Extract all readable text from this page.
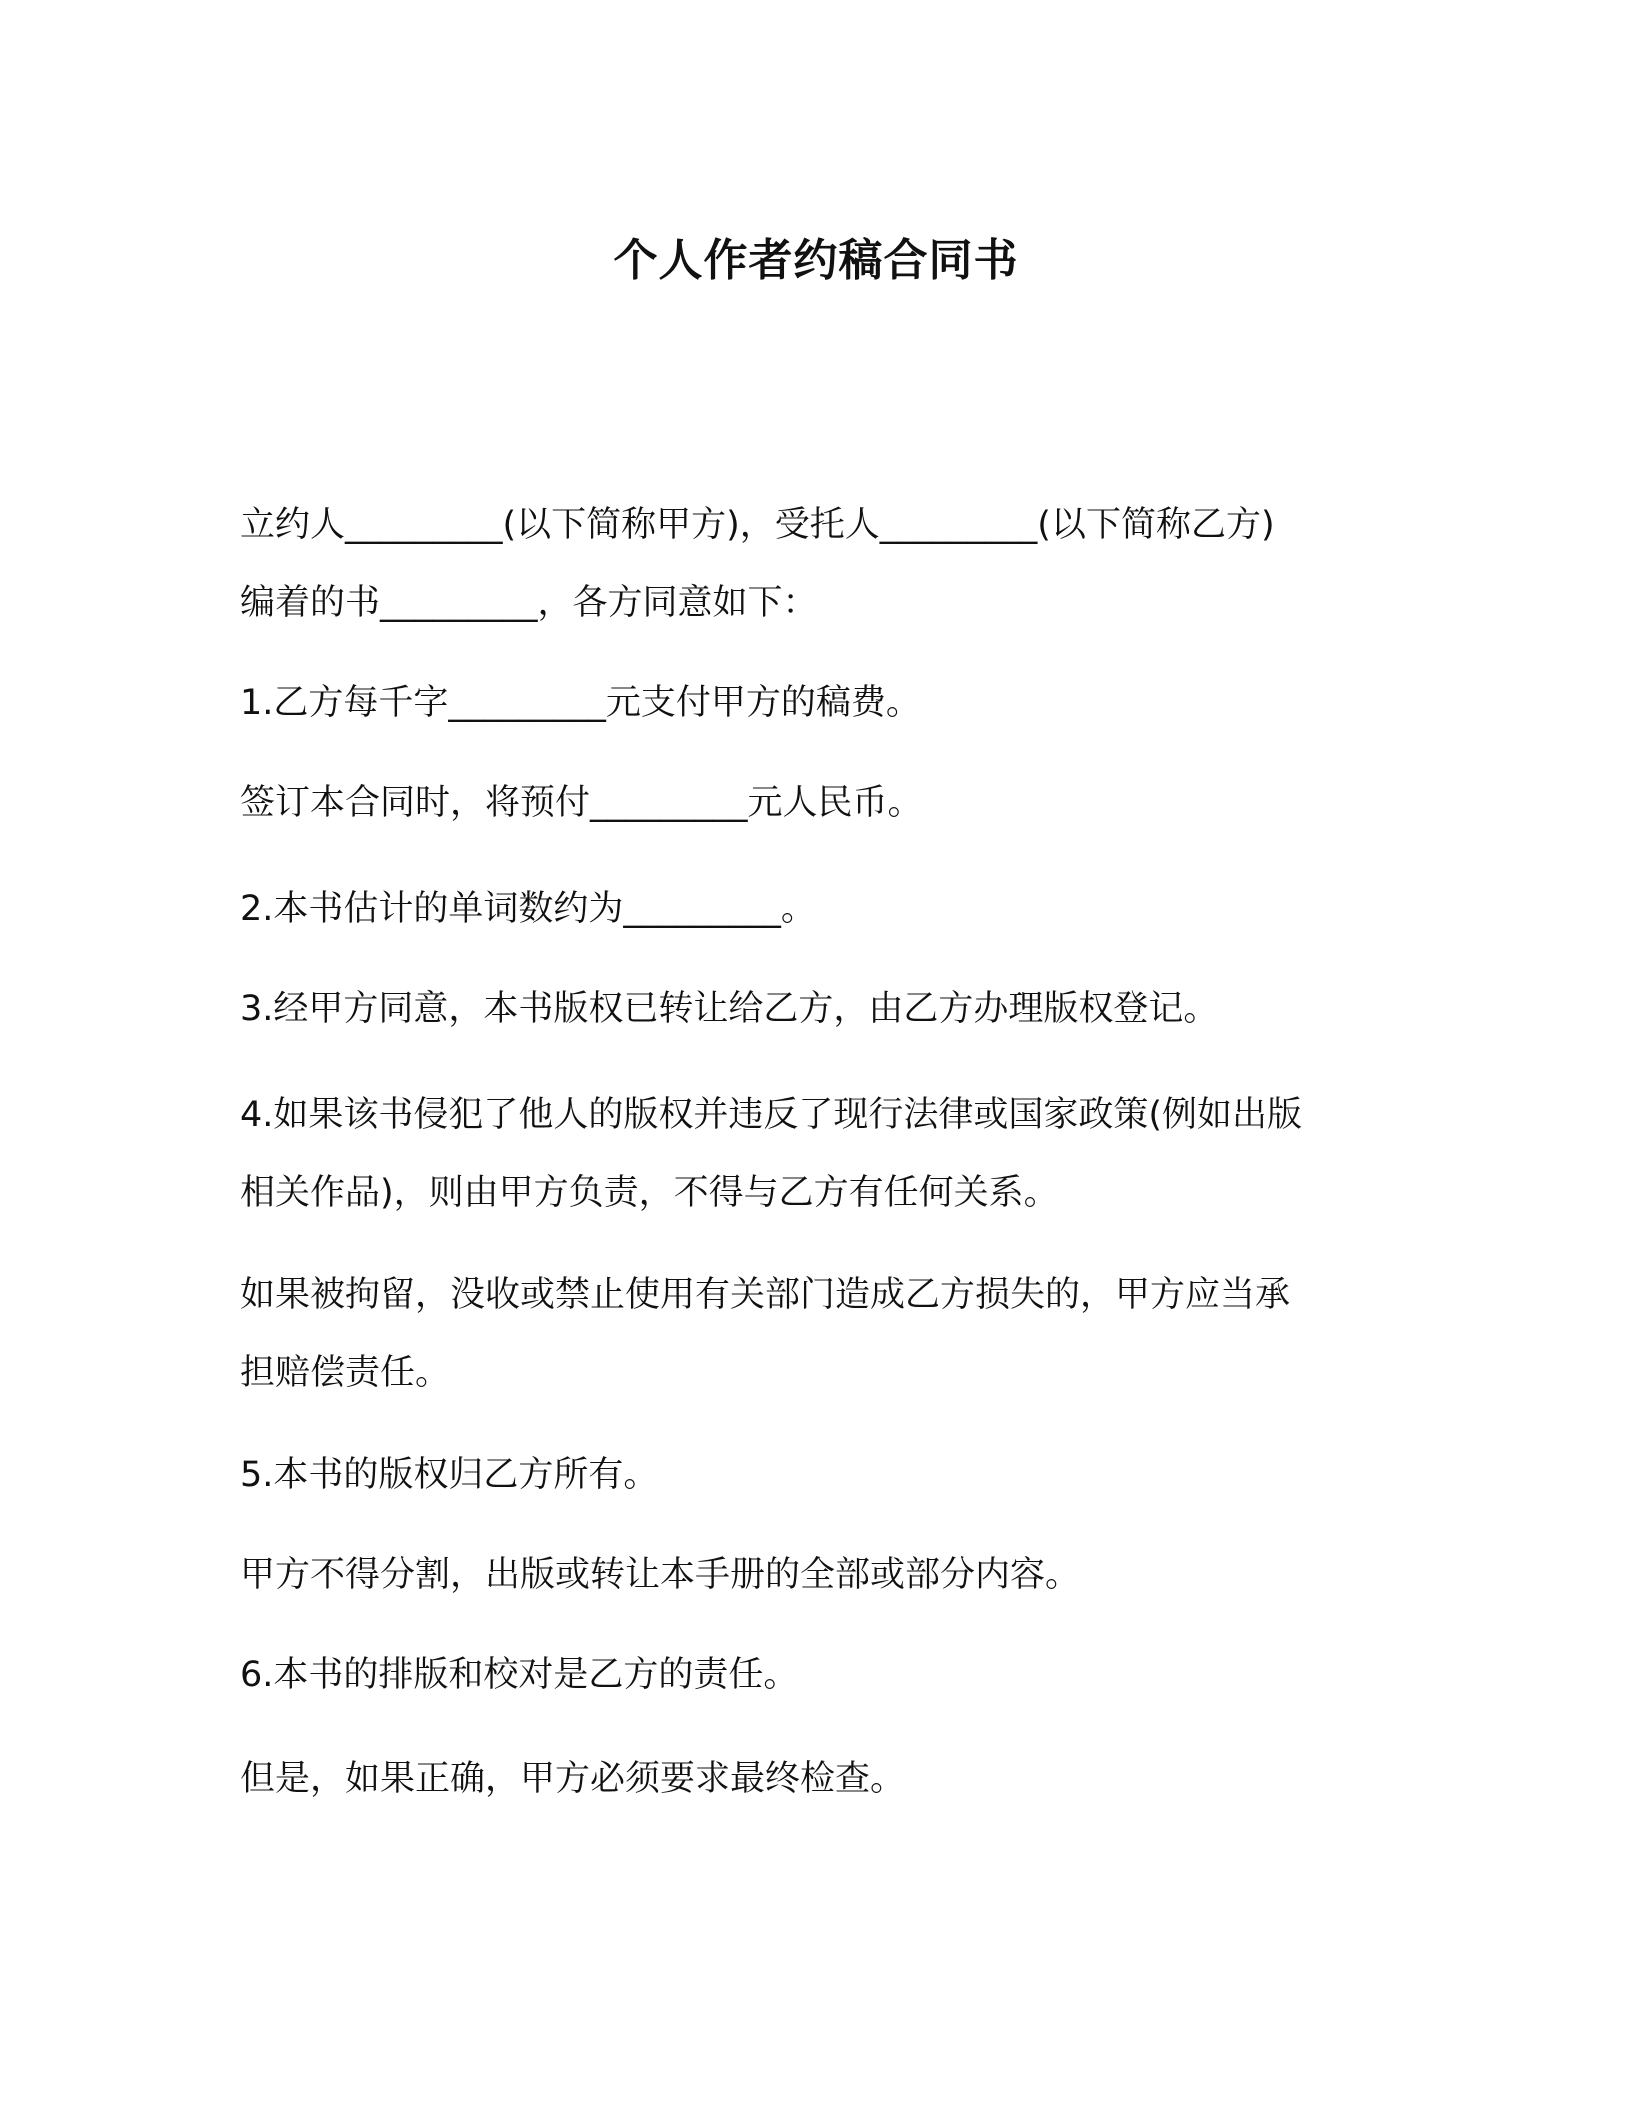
个人作者约稿合同书
立约人_________(以下简称甲方)，受托人_________(以下简称乙方)
编着的书_________，各方同意如下：
1.乙方每千字_________元支付甲方的稿费。
签订本合同时，将预付_________元人民币。
2.本书估计的单词数约为_________。
3.经甲方同意，本书版权已转让给乙方，由乙方办理版权登记。
4.如果该书侵犯了他人的版权并违反了现行法律或国家政策(例如出版
相关作品)，则由甲方负责，不得与乙方有任何关系。
如果被拘留，没收或禁止使用有关部门造成乙方损失的，甲方应当承
担赔偿责任。
5.本书的版权归乙方所有。
甲方不得分割，出版或转让本手册的全部或部分内容。
6.本书的排版和校对是乙方的责任。
但是，如果正确，甲方必须要求最终检查。
